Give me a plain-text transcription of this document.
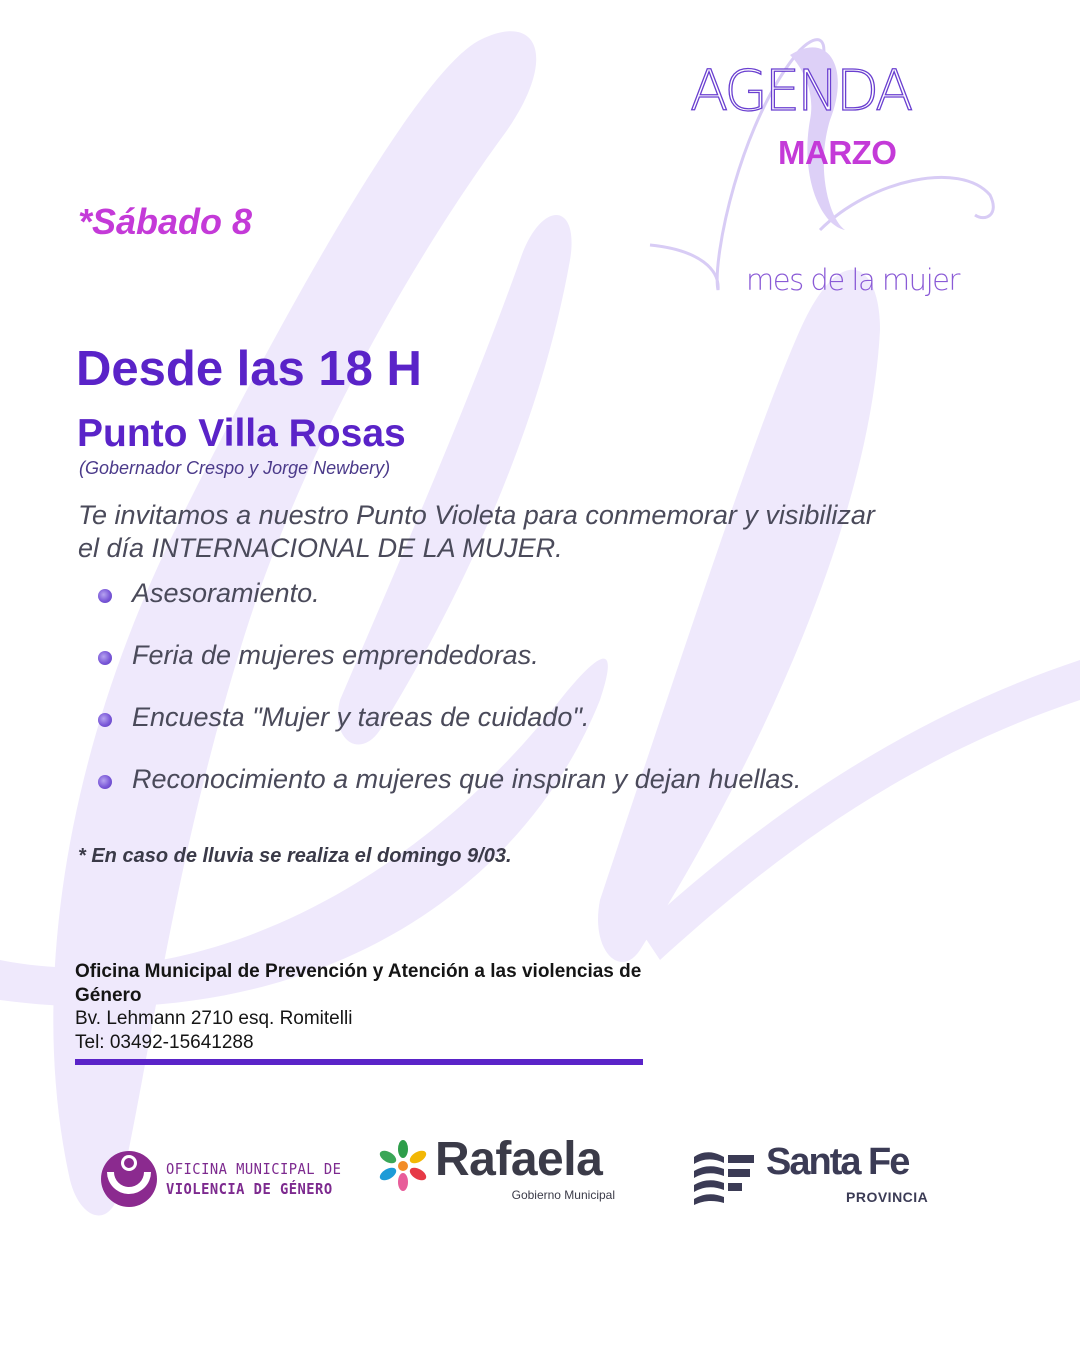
AGENDA
MARZO
mes de la mujer
*Sábado 8
Desde las 18 H
Punto Villa Rosas
(Gobernador Crespo y Jorge Newbery)
Te invitamos a nuestro Punto Violeta para conmemorar y visibilizar
el día INTERNACIONAL DE LA MUJER.
Asesoramiento.
Feria de mujeres emprendedoras.
Encuesta "Mujer y tareas de cuidado".
Reconocimiento a mujeres que inspiran y dejan huellas.
* En caso de lluvia se realiza el domingo 9/03.
Oficina Municipal de Prevención y Atención a las violencias de Género
Bv. Lehmann 2710 esq. Romitelli
Tel: 03492-15641288
OFICINA MUNICIPAL DE
VIOLENCIA DE GÉNERO
Rafaela
Gobierno Municipal
Santa Fe
PROVINCIA
